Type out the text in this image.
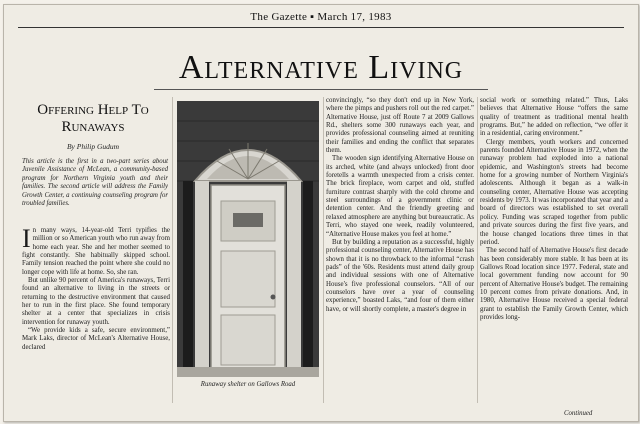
The Gazette ▪ March 17, 1983
Alternative Living
Offering Help To Runaways
By Philip Gudum
This article is the first in a two-part series about Juvenile Assistance of McLean, a community-based program for Northern Virginia youth and their families. The second article will address the Family Growth Center, a continuing counseling program for troubled families.

In many ways, 14-year-old Terri typifies the million or so American youth who run away from home each year. She and her mother seemed to fight constantly. She habitually skipped school. Family tension reached the point where she could no longer cope with life at home. So, she ran.

But unlike 90 percent of America's runaways, Terri found an alternative to living in the streets or returning to the destructive environment that caused her to run in the first place. She found temporary shelter at a center that specializes in crisis intervention for runaway youth.

“We provide kids a safe, secure environment,” Mark Laks, director of McLean's Alternative House, declared

Runaway shelter on Gallows Road

convincingly, “so they don't end up in New York, where the pimps and pushers roll out the red carpet.” Alternative House, just off Route 7 at 2009 Gallows Rd., shelters some 300 runaways each year, and provides professional counseling aimed at reuniting their families and ending the conflict that separates them.

The wooden sign identifying Alternative House on its arched, white (and always unlocked) front door foretells a warmth unexpected from a crisis center. The brick fireplace, worn carpet and old, stuffed furniture contrast sharply with the cold chrome and steel surroundings of a government clinic or detention center. And the friendly greeting and relaxed atmosphere are anything but bureaucratic. As Terri, who stayed one week, readily volunteered, “Alternative House makes you feel at home.”

But by building a reputation as a successful, highly professional counseling center, Alternative House has shown that it is no throwback to the informal “crash pads” of the '60s. Residents must attend daily group and individual sessions with one of Alternative House's five professional counselors. “All of our counselors have over a year of counseling experience,” boasted Laks, “and four of them either have, or will shortly complete, a master's degree in

social work or something related.” Thus, Laks believes that Alternative House “offers the same quality of treatment as traditional mental health programs. But,” he added on reflection, “we offer it in a residential, caring environment.”

Clergy members, youth workers and concerned parents founded Alternative House in 1972, when the runaway problem had exploded into a national epidemic, and Washington's streets had become home for a growing number of Northern Virginia's adolescents. Although it began as a walk-in counseling center, Alternative House was accepting residents by 1973. It was incorporated that year and a board of directors was established to set overall policy. Funding was scraped together from public and private sources during the first five years, and the house changed locations three times in that period.

The second half of Alternative House's first decade has been considerably more stable. It has been at its Gallows Road location since 1977. Federal, state and local government funding now account for 90 percent of Alternative House's budget. The remaining 10 percent comes from private donations. And, in 1980, Alternative House received a special federal grant to establish the Family Growth Center, which provides long-

Continued
